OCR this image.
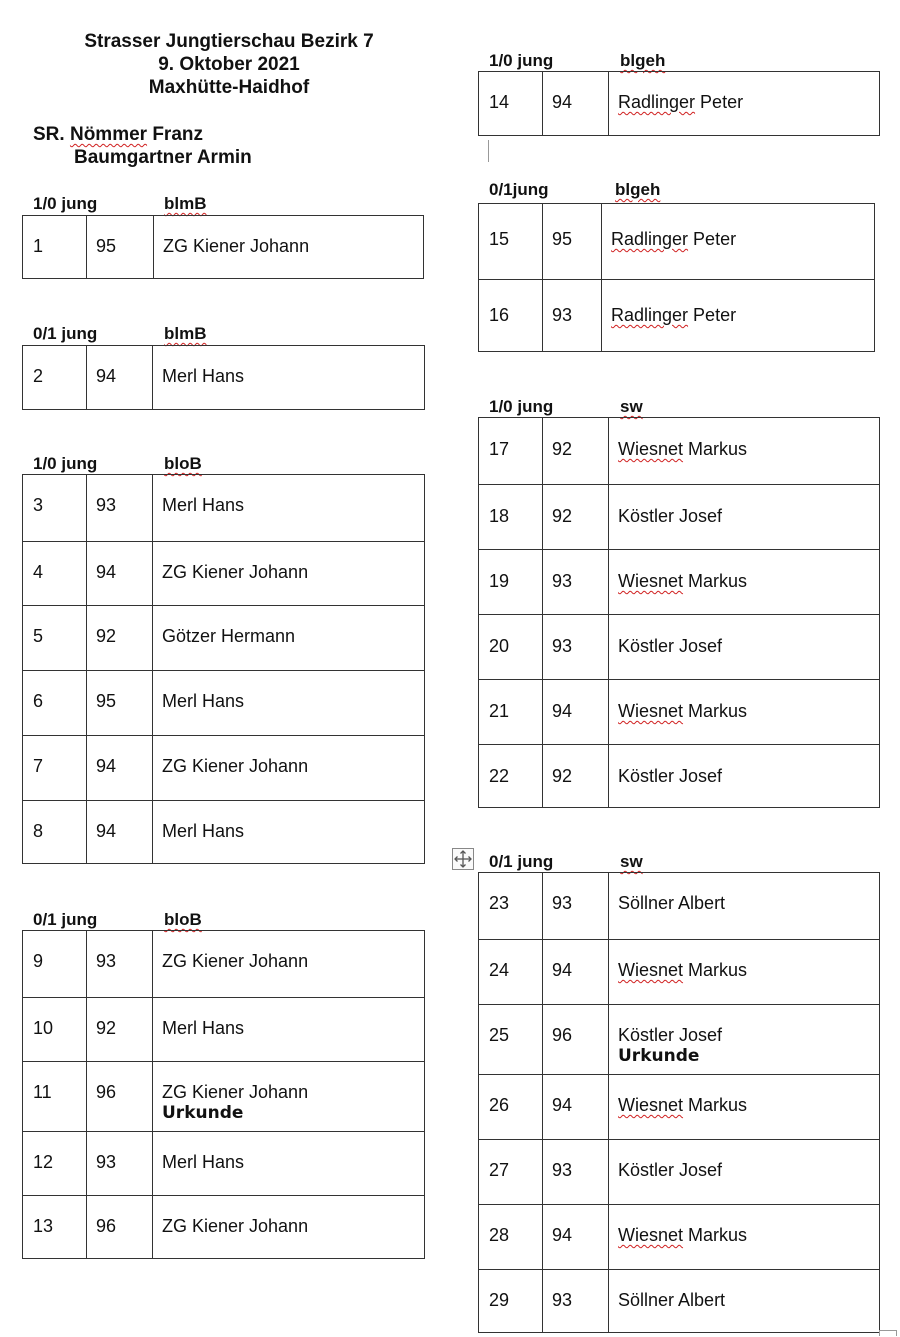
Strasser Jungtierschau Bezirk 7
9. Oktober 2021
Maxhütte-Haidhof
SR. Nömmer Franz
Baumgartner Armin
1/0 jung	blmB
1	95	ZG Kiener Johann
0/1 jung	blmB
2	94	Merl Hans
1/0 jung	bloB
3	93	Merl Hans
4	94	ZG Kiener Johann
5	92	Götzer Hermann
6	95	Merl Hans
7	94	ZG Kiener Johann
8	94	Merl Hans
0/1 jung	bloB
9	93	ZG Kiener Johann
10 92	Merl Hans
11 96	ZG Kiener Johann
Urkunde
12 93	Merl Hans
13 96	ZG Kiener Johann
1/0 jung	blgeh
14 94	Radlinger Peter
0/1jung	blgeh
15 95 Radlinger Peter
16 93 Radlinger Peter
1/0 jung	sw
17 92	Wiesnet Markus
18 92	Köstler Josef
19 93	Wiesnet Markus
20 93	Köstler Josef
21 94	Wiesnet Markus
22 92	Köstler Josef
0/1 jung	sw
23 93	Söllner Albert
24 94	Wiesnet Markus
25 96	Köstler Josef
Urkunde
26 94	Wiesnet Markus
27 93	Köstler Josef
28 94	Wiesnet Markus
29 93	Söllner Albert
